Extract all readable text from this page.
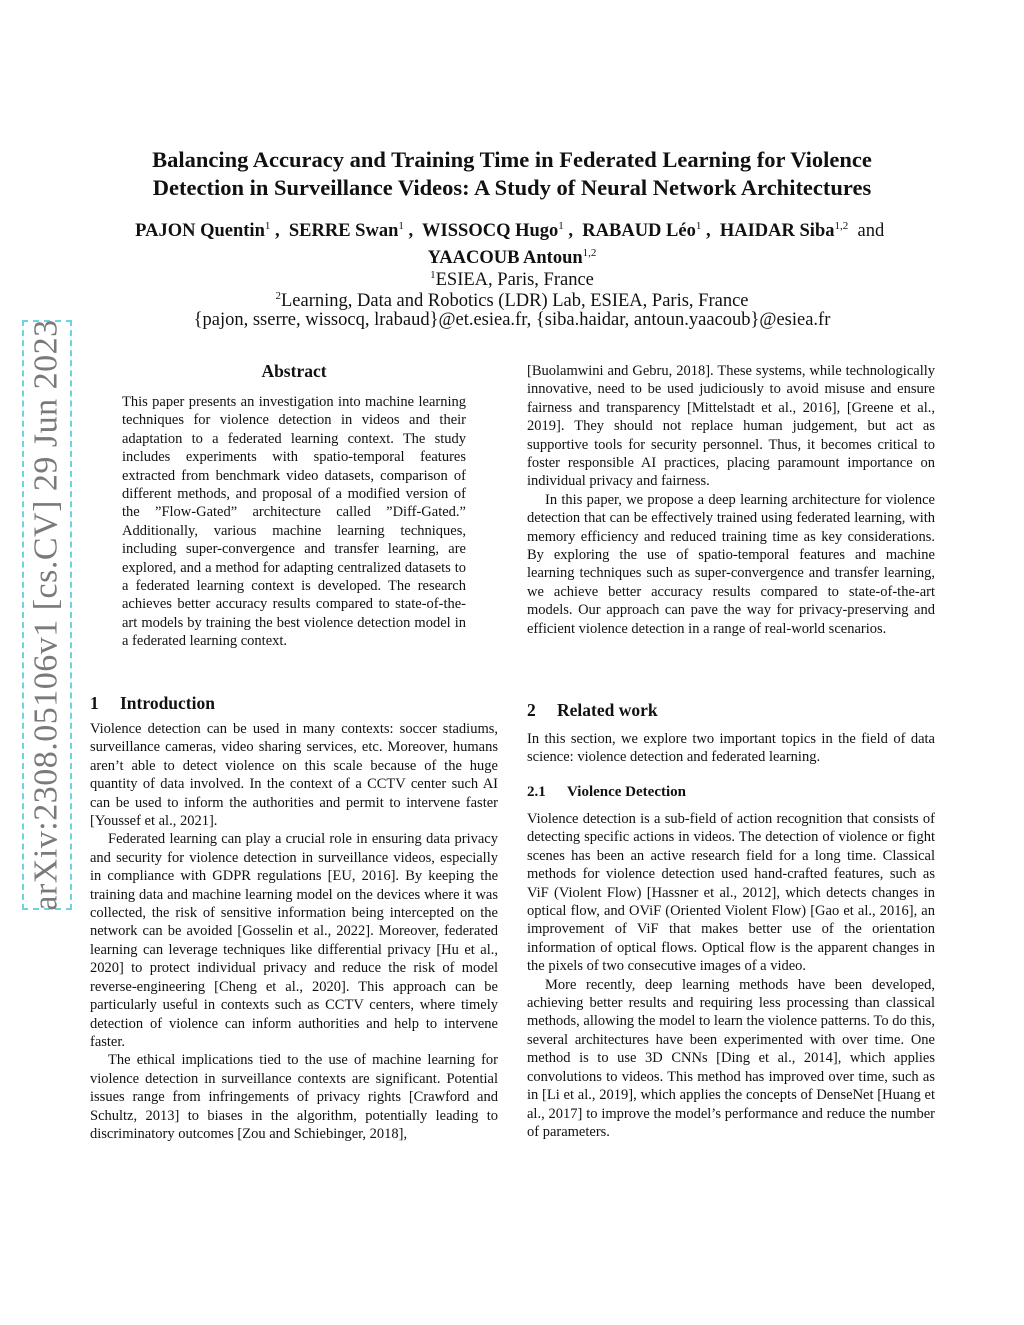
arXiv:2308.05106v1 [cs.CV] 29 Jun 2023
Balancing Accuracy and Training Time in Federated Learning for Violence
Detection in Surveillance Videos: A Study of Neural Network Architectures
PAJON Quentin$^1$ ,  SERRE Swan$^1$ ,  WISSOCQ Hugo$^1$ ,  RABAUD Léo$^1$ ,  HAIDAR Siba$^{1,2}$ and  YAACOUB Antoun$^{1,2}$
$^1$ESIEA, Paris, France
$^2$Learning, Data and Robotics (LDR) Lab, ESIEA, Paris, France
{pajon, sserre, wissocq, lrabaud}@et.esiea.fr, {siba.haidar, antoun.yaacoub}@esiea.fr
Abstract

This paper presents an investigation into machine learning techniques for violence detection in videos and their adaptation to a federated learning context. The study includes experiments with spatio-temporal features extracted from benchmark video datasets, comparison of different methods, and proposal of a modified version of the ”Flow-Gated” architecture called ”Diff-Gated.” Additionally, various machine learning techniques, including super-convergence and transfer learning, are explored, and a method for adapting centralized datasets to a federated learning context is developed. The research achieves better accuracy results compared to state-of-the-art models by training the best violence detection model in a federated learning context.

1 Introduction

Violence detection can be used in many contexts: soccer stadiums, surveillance cameras, video sharing services, etc. Moreover, humans aren’t able to detect violence on this scale because of the huge quantity of data involved. In the context of a CCTV center such AI can be used to inform the authorities and permit to intervene faster [Youssef et al., 2021].

Federated learning can play a crucial role in ensuring data privacy and security for violence detection in surveillance videos, especially in compliance with GDPR regulations [EU, 2016]. By keeping the training data and machine learning model on the devices where it was collected, the risk of sensitive information being intercepted on the network can be avoided [Gosselin et al., 2022]. Moreover, federated learning can leverage techniques like differential privacy [Hu et al., 2020] to protect individual privacy and reduce the risk of model reverse-engineering [Cheng et al., 2020]. This approach can be particularly useful in contexts such as CCTV centers, where timely detection of violence can inform authorities and help to intervene faster.

The ethical implications tied to the use of machine learning for violence detection in surveillance contexts are significant. Potential issues range from infringements of privacy rights [Crawford and Schultz, 2013] to biases in the algorithm, potentially leading to discriminatory outcomes [Zou and Schiebinger, 2018],

[Buolamwini and Gebru, 2018]. These systems, while technologically innovative, need to be used judiciously to avoid misuse and ensure fairness and transparency [Mittelstadt et al., 2016], [Greene et al., 2019]. They should not replace human judgement, but act as supportive tools for security personnel. Thus, it becomes critical to foster responsible AI practices, placing paramount importance on individual privacy and fairness.

In this paper, we propose a deep learning architecture for violence detection that can be effectively trained using federated learning, with memory efficiency and reduced training time as key considerations. By exploring the use of spatio-temporal features and machine learning techniques such as super-convergence and transfer learning, we achieve better accuracy results compared to state-of-the-art models. Our approach can pave the way for privacy-preserving and efficient violence detection in a range of real-world scenarios.

2 Related work

In this section, we explore two important topics in the field of data science: violence detection and federated learning.

2.1 Violence Detection

Violence detection is a sub-field of action recognition that consists of detecting specific actions in videos. The detection of violence or fight scenes has been an active research field for a long time. Classical methods for violence detection used hand-crafted features, such as ViF (Violent Flow) [Hassner et al., 2012], which detects changes in optical flow, and OViF (Oriented Violent Flow) [Gao et al., 2016], an improvement of ViF that makes better use of the orientation information of optical flows. Optical flow is the apparent changes in the pixels of two consecutive images of a video.

More recently, deep learning methods have been developed, achieving better results and requiring less processing than classical methods, allowing the model to learn the violence patterns. To do this, several architectures have been experimented with over time. One method is to use 3D CNNs [Ding et al., 2014], which applies convolutions to videos. This method has improved over time, such as in [Li et al., 2019], which applies the concepts of DenseNet [Huang et al., 2017] to improve the model’s performance and reduce the number of parameters.
